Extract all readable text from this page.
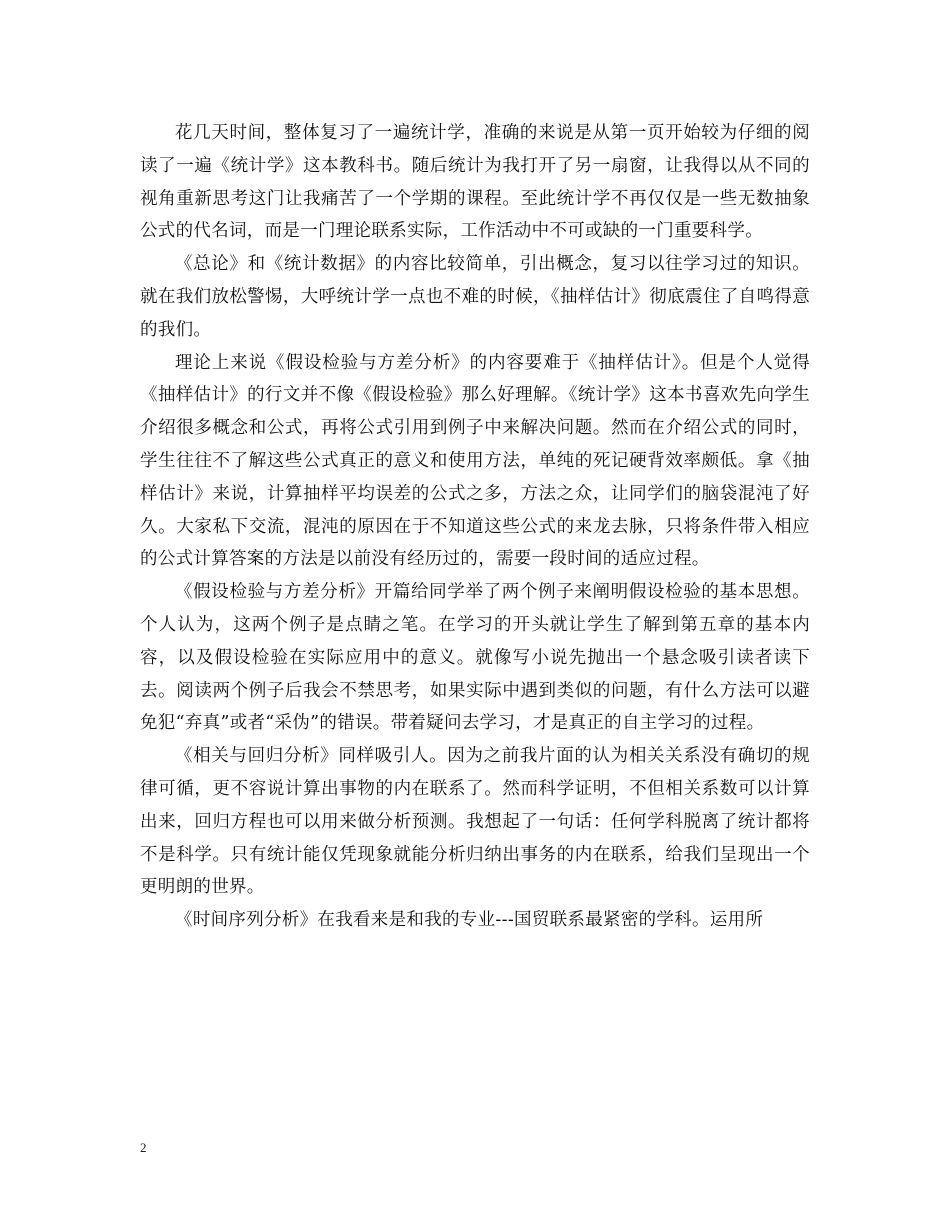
花几天时间，整体复习了一遍统计学，准确的来说是从第一页开始较为仔细的阅读了一遍《统计学》这本教科书。随后统计为我打开了另一扇窗，让我得以从不同的视角重新思考这门让我痛苦了一个学期的课程。至此统计学不再仅仅是一些无数抽象公式的代名词，而是一门理论联系实际，工作活动中不可或缺的一门重要科学。

《总论》和《统计数据》的内容比较简单，引出概念，复习以往学习过的知识。就在我们放松警惕，大呼统计学一点也不难的时候，《抽样估计》彻底震住了自鸣得意的我们。

理论上来说《假设检验与方差分析》的内容要难于《抽样估计》。但是个人觉得《抽样估计》的行文并不像《假设检验》那么好理解。《统计学》这本书喜欢先向学生介绍很多概念和公式，再将公式引用到例子中来解决问题。然而在介绍公式的同时，学生往往不了解这些公式真正的意义和使用方法，单纯的死记硬背效率颇低。拿《抽样估计》来说，计算抽样平均误差的公式之多，方法之众，让同学们的脑袋混沌了好久。大家私下交流，混沌的原因在于不知道这些公式的来龙去脉，只将条件带入相应的公式计算答案的方法是以前没有经历过的，需要一段时间的适应过程。

《假设检验与方差分析》开篇给同学举了两个例子来阐明假设检验的基本思想。个人认为，这两个例子是点睛之笔。在学习的开头就让学生了解到第五章的基本内容，以及假设检验在实际应用中的意义。就像写小说先抛出一个悬念吸引读者读下去。阅读两个例子后我会不禁思考，如果实际中遇到类似的问题，有什么方法可以避免犯“弃真”或者“采伪”的错误。带着疑问去学习，才是真正的自主学习的过程。

《相关与回归分析》同样吸引人。因为之前我片面的认为相关关系没有确切的规律可循，更不容说计算出事物的内在联系了。然而科学证明，不但相关系数可以计算出来，回归方程也可以用来做分析预测。我想起了一句话：任何学科脱离了统计都将不是科学。只有统计能仅凭现象就能分析归纳出事务的内在联系，给我们呈现出一个更明朗的世界。

《时间序列分析》在我看来是和我的专业---国贸联系最紧密的学科。运用所

2
